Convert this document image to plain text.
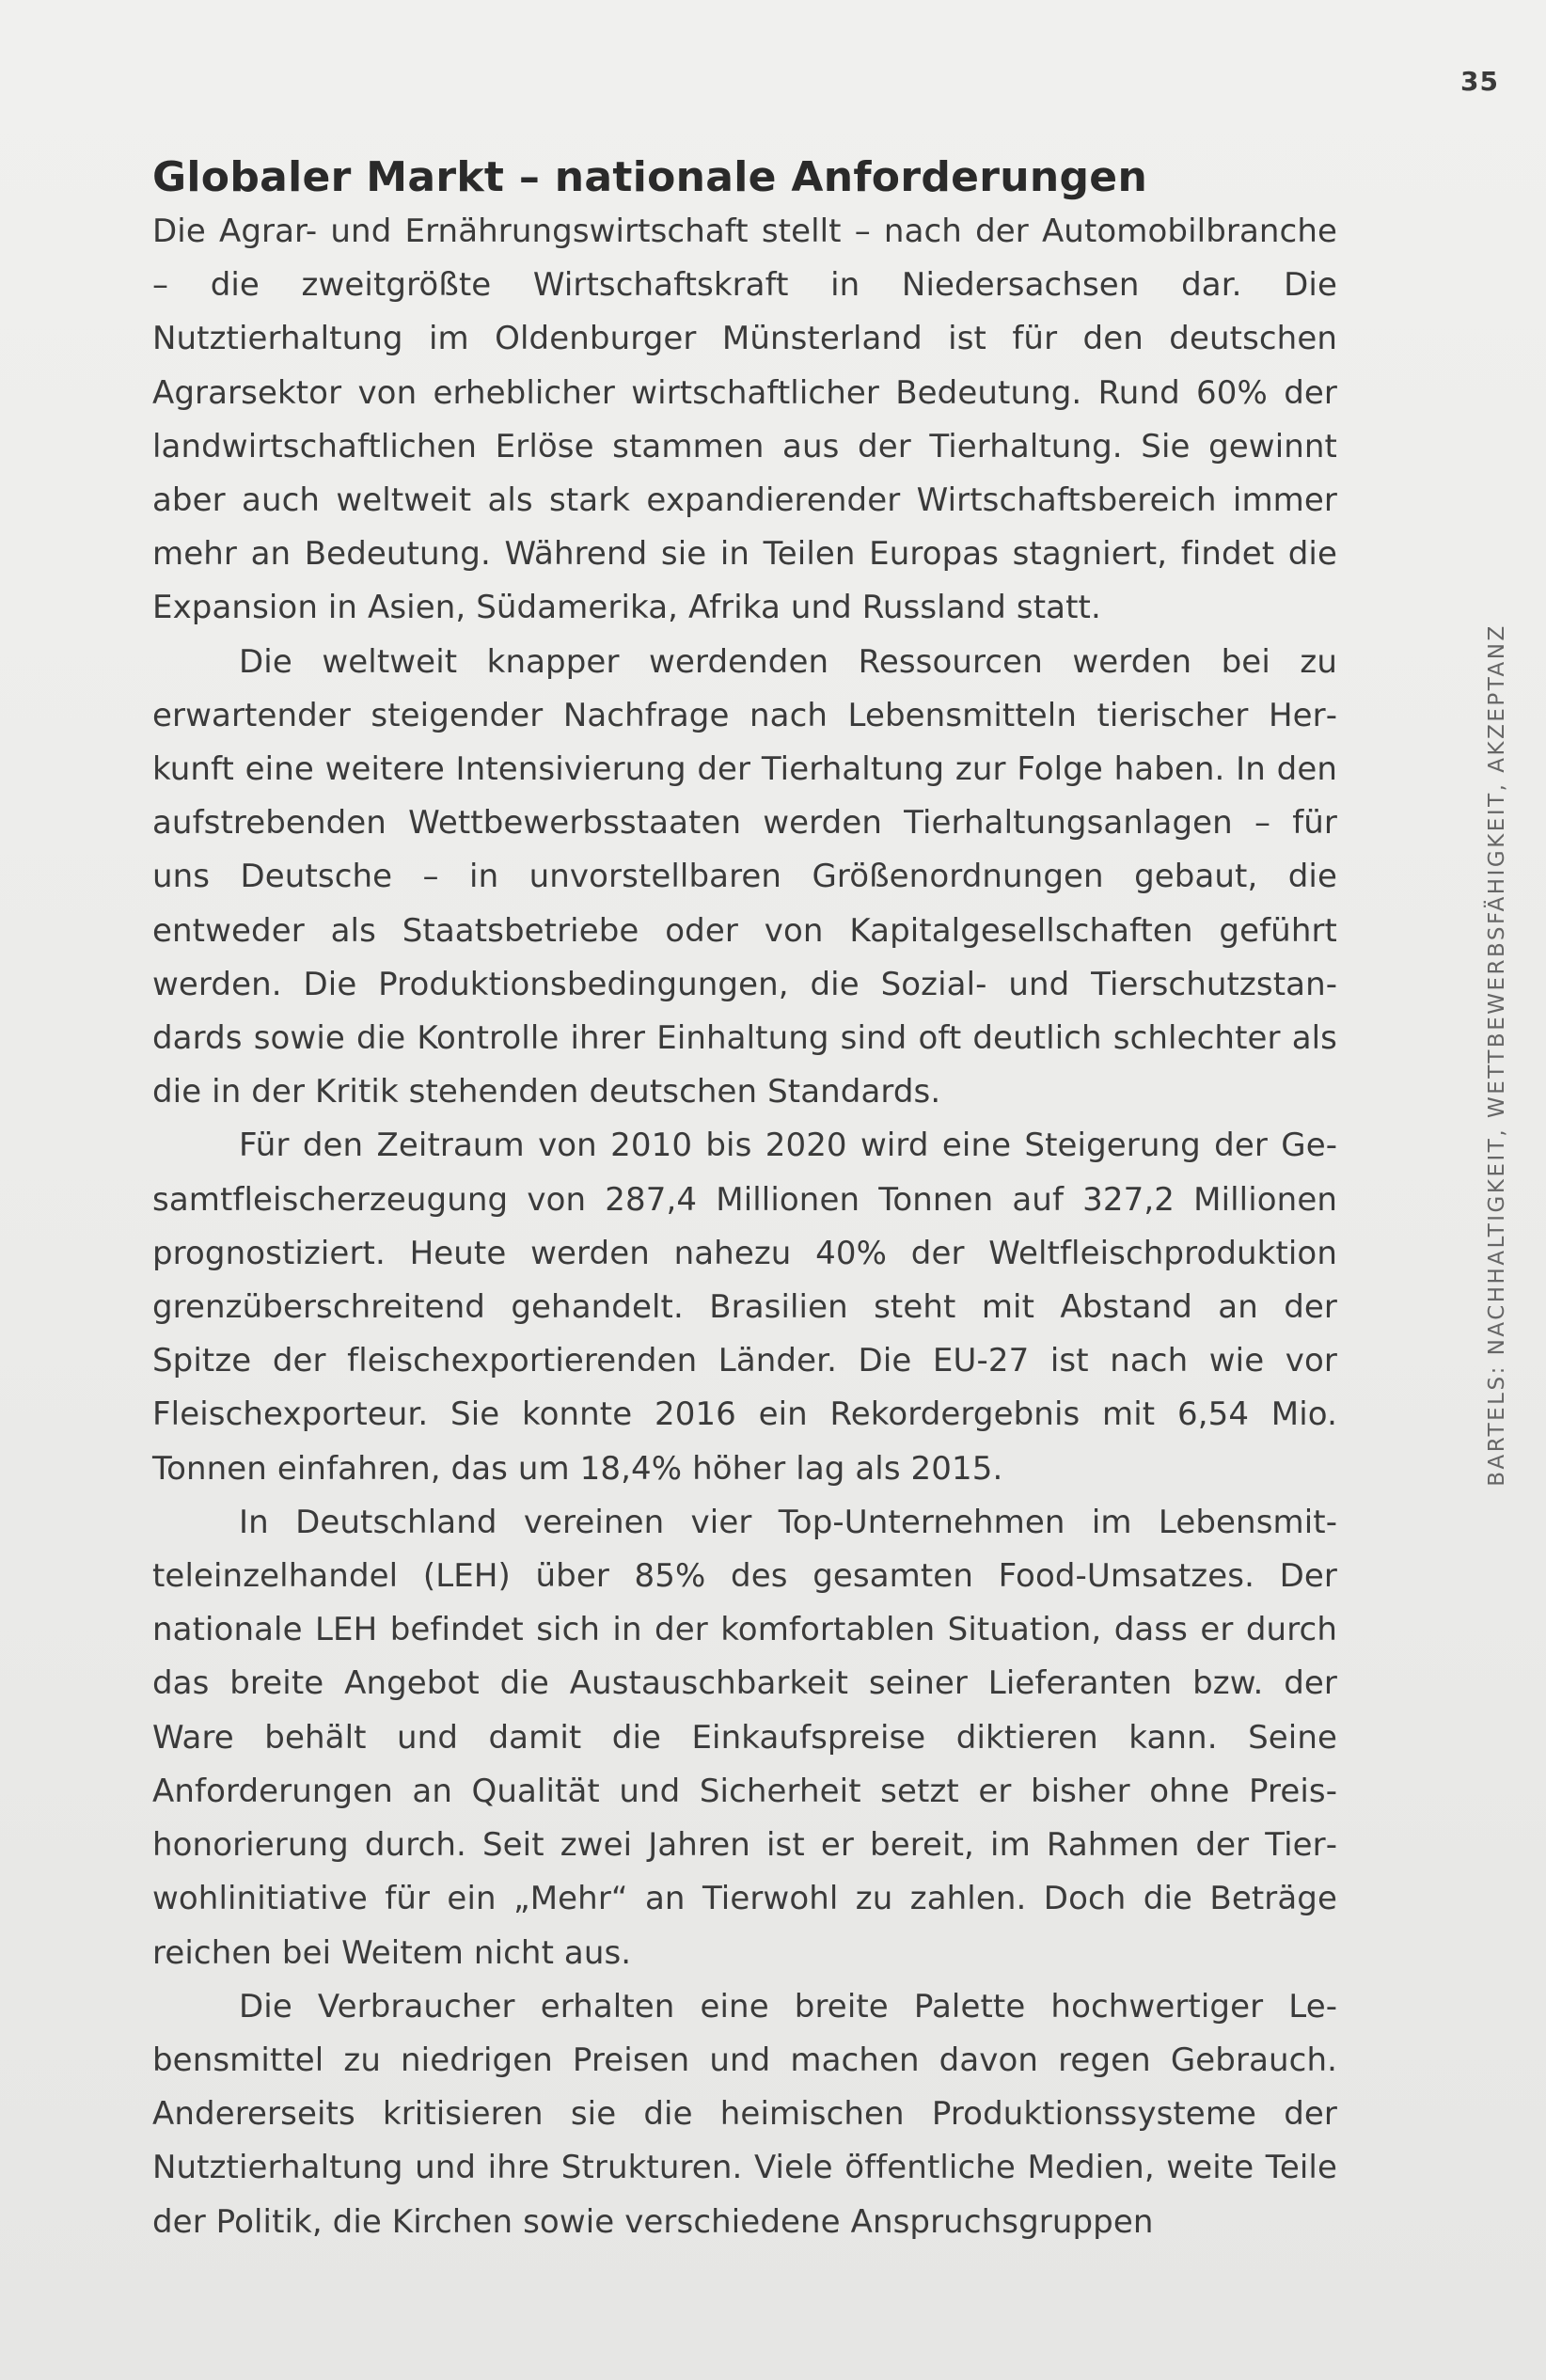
35
BARTELS: NACHHALTIGKEIT, WETTBEWERBSFÄHIGKEIT, AKZEPTANZ
Globaler Markt – nationale Anforderungen

Die Agrar- und Ernährungswirtschaft stellt – nach der Automobilbranche – die zweitgrößte Wirtschaftskraft in Niedersachsen dar. Die Nutztierhaltung im Oldenburger Münsterland ist für den deutschen Agrarsektor von erheblicher wirtschaftlicher Bedeutung. Rund 60% der landwirtschaftlichen Erlöse stammen aus der Tierhaltung. Sie gewinnt aber auch weltweit als stark expandierender Wirtschaftsbereich immer mehr an Bedeutung. Während sie in Teilen Europas stagniert, findet die Expansion in Asien, Südamerika, Afrika und Russland statt.

Die weltweit knapper werdenden Ressourcen werden bei zu erwartender steigender Nachfrage nach Lebensmitteln tierischer Herkunft eine weitere Intensivierung der Tierhaltung zur Folge haben. In den aufstrebenden Wettbewerbsstaaten werden Tierhaltungsanlagen – für uns Deutsche – in unvorstellbaren Größenordnungen gebaut, die entweder als Staatsbetriebe oder von Kapitalgesellschaften geführt werden. Die Produktionsbedingungen, die Sozial- und Tierschutzstandards sowie die Kontrolle ihrer Einhaltung sind oft deutlich schlechter als die in der Kritik stehenden deutschen Standards.

Für den Zeitraum von 2010 bis 2020 wird eine Steigerung der Gesamtfleischerzeugung von 287,4 Millionen Tonnen auf 327,2 Millionen prognostiziert. Heute werden nahezu 40% der Weltfleischproduktion grenzüberschreitend gehandelt. Brasilien steht mit Abstand an der Spitze der fleischexportierenden Länder. Die EU-27 ist nach wie vor Fleischexporteur. Sie konnte 2016 ein Rekordergebnis mit 6,54 Mio. Tonnen einfahren, das um 18,4% höher lag als 2015.

In Deutschland vereinen vier Top-Unternehmen im Lebensmitteleinzelhandel (LEH) über 85% des gesamten Food-Umsatzes. Der nationale LEH befindet sich in der komfortablen Situation, dass er durch das breite Angebot die Austauschbarkeit seiner Lieferanten bzw. der Ware behält und damit die Einkaufspreise diktieren kann. Seine Anforderungen an Qualität und Sicherheit setzt er bisher ohne Preishonorierung durch. Seit zwei Jahren ist er bereit, im Rahmen der Tierwohlinitiative für ein „Mehr“ an Tierwohl zu zahlen. Doch die Beträge reichen bei Weitem nicht aus.

Die Verbraucher erhalten eine breite Palette hochwertiger Lebensmittel zu niedrigen Preisen und machen davon regen Gebrauch. Andererseits kritisieren sie die heimischen Produktionssysteme der Nutztierhaltung und ihre Strukturen. Viele öffentliche Medien, weite Teile der Politik, die Kirchen sowie verschiedene Anspruchsgruppen
